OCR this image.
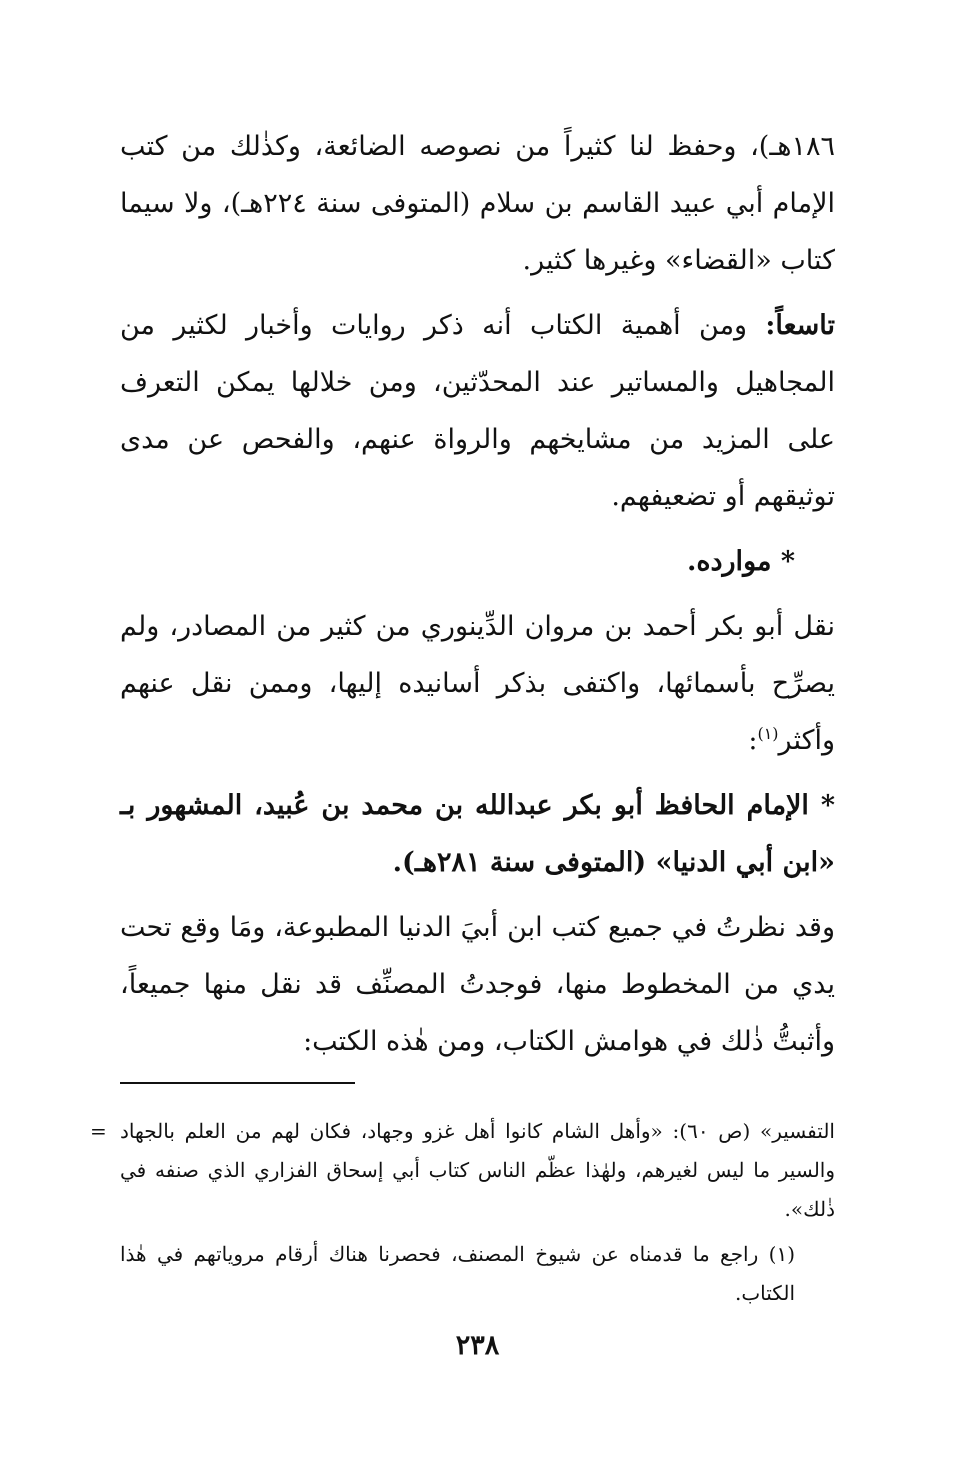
١٨٦هـ)، وحفظ لنا كثيراً من نصوصه الضائعة، وكذٰلك من كتب الإمام أبي عبيد القاسم بن سلام (المتوفى سنة ٢٢٤هـ)، ولا سيما كتاب «القضاء» وغيرها كثير.

تاسعاً: ومن أهمية الكتاب أنه ذكر روايات وأخبار لكثير من المجاهيل والمساتير عند المحدّثين، ومن خلالها يمكن التعرف على المزيد من مشايخهم والرواة عنهم، والفحص عن مدى توثيقهم أو تضعيفهم.

* موارده.

نقل أبو بكر أحمد بن مروان الدِّينوري من كثير من المصادر، ولم يصرِّح بأسمائها، واكتفى بذكر أسانيده إليها، وممن نقل عنهم وأكثر$^{(١)}$:

* الإمام الحافظ أبو بكر عبدالله بن محمد بن عُبيد، المشهور بـ «ابن أبي الدنيا» (المتوفى سنة ٢٨١هـ).

وقد نظرتُ في جميع كتب ابن أبيَ الدنيا المطبوعة، ومَا وقع تحت يدي من المخطوط منها، فوجدتُ المصنِّف قد نقل منها جميعاً، وأثبتُّ ذٰلك في هوامش الكتاب، ومن هٰذه الكتب:

= التفسير» (ص ٦٠): «وأهل الشام كانوا أهل غزو وجهاد، فكان لهم من العلم بالجهاد والسير ما ليس لغيرهم، ولهٰذا عظّم الناس كتاب أبي إسحاق الفزاري الذي صنفه في ذٰلك».

(١) راجع ما قدمناه عن شيوخ المصنف، فحصرنا هناك أرقام مروياتهم في هٰذا الكتاب.

٢٣٨
